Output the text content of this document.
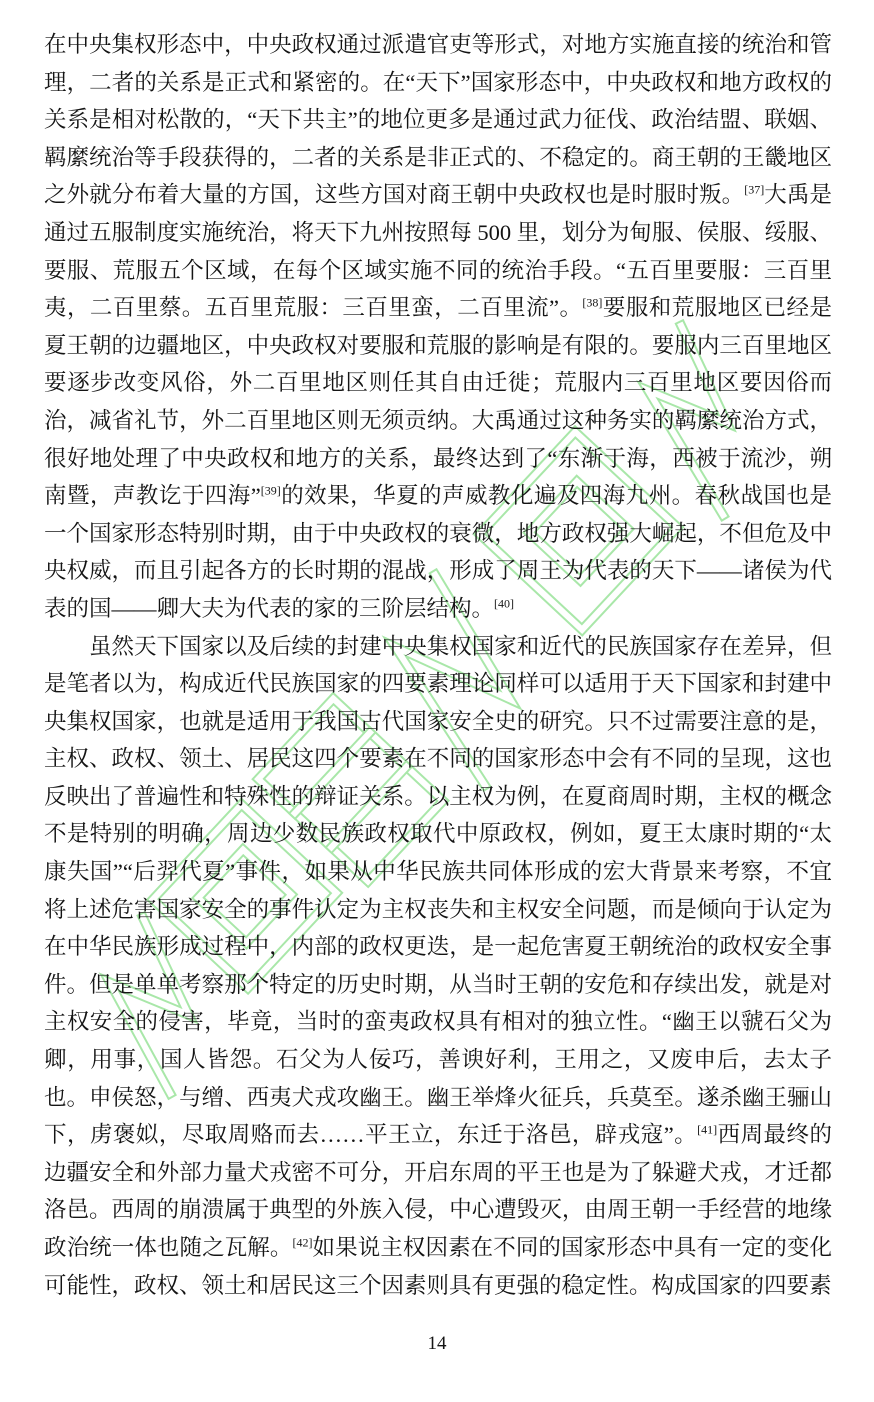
在中央集权形态中，中央政权通过派遣官吏等形式，对地方实施直接的统治和管理，二者的关系是正式和紧密的。在“天下”国家形态中，中央政权和地方政权的关系是相对松散的，“天下共主”的地位更多是通过武力征伐、政治结盟、联姻、羁縻统治等手段获得的，二者的关系是非正式的、不稳定的。商王朝的王畿地区之外就分布着大量的方国，这些方国对商王朝中央政权也是时服时叛。[37]大禹是通过五服制度实施统治，将天下九州按照每 500 里，划分为甸服、侯服、绥服、要服、荒服五个区域，在每个区域实施不同的统治手段。“五百里要服：三百里夷，二百里蔡。五百里荒服：三百里蛮，二百里流”。[38]要服和荒服地区已经是夏王朝的边疆地区，中央政权对要服和荒服的影响是有限的。要服内三百里地区要逐步改变风俗，外二百里地区则任其自由迁徙；荒服内三百里地区要因俗而治，减省礼节，外二百里地区则无须贡纳。大禹通过这种务实的羁縻统治方式，很好地处理了中央政权和地方的关系，最终达到了“东渐于海，西被于流沙，朔南暨，声教讫于四海”[39]的效果，华夏的声威教化遍及四海九州。春秋战国也是一个国家形态特别时期，由于中央政权的衰微，地方政权强大崛起，不但危及中央权威，而且引起各方的长时期的混战，形成了周王为代表的天下——诸侯为代表的国——卿大夫为代表的家的三阶层结构。[40]

虽然天下国家以及后续的封建中央集权国家和近代的民族国家存在差异，但是笔者以为，构成近代民族国家的四要素理论同样可以适用于天下国家和封建中央集权国家，也就是适用于我国古代国家安全史的研究。只不过需要注意的是，主权、政权、领土、居民这四个要素在不同的国家形态中会有不同的呈现，这也反映出了普遍性和特殊性的辩证关系。以主权为例，在夏商周时期，主权的概念不是特别的明确，周边少数民族政权取代中原政权，例如，夏王太康时期的“太康失国”“后羿代夏”事件，如果从中华民族共同体形成的宏大背景来考察，不宜将上述危害国家安全的事件认定为主权丧失和主权安全问题，而是倾向于认定为在中华民族形成过程中，内部的政权更迭，是一起危害夏王朝统治的政权安全事件。但是单单考察那个特定的历史时期，从当时王朝的安危和存续出发，就是对主权安全的侵害，毕竟，当时的蛮夷政权具有相对的独立性。“幽王以虢石父为卿，用事，国人皆怨。石父为人佞巧，善谀好利，王用之，又废申后，去太子也。申侯怒，与缯、西夷犬戎攻幽王。幽王举烽火征兵，兵莫至。遂杀幽王骊山下，虏褒姒，尽取周赂而去……平王立，东迁于洛邑，辟戎寇”。[41]西周最终的边疆安全和外部力量犬戎密不可分，开启东周的平王也是为了躲避犬戎，才迁都洛邑。西周的崩溃属于典型的外族入侵，中心遭毁灭，由周王朝一手经营的地缘政治统一体也随之瓦解。[42]如果说主权因素在不同的国家形态中具有一定的变化可能性，政权、领土和居民这三个因素则具有更强的稳定性。构成国家的四要素

14
